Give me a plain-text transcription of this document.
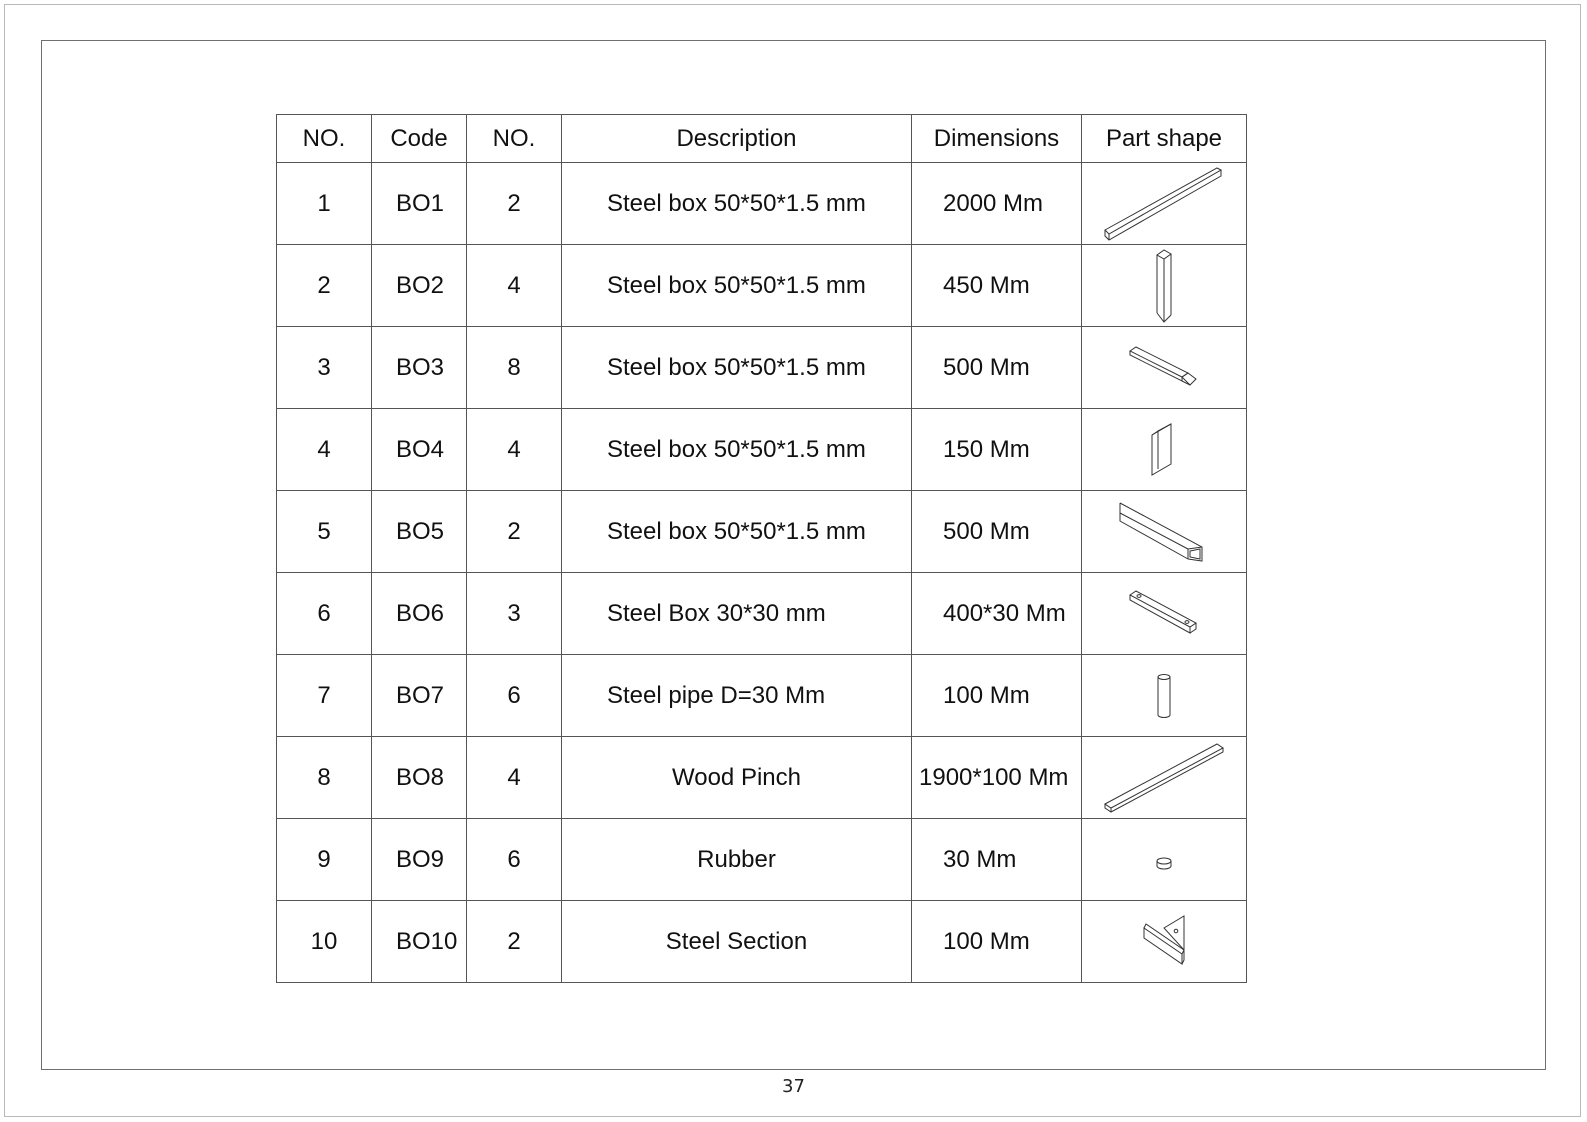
NO.	Code	NO.	Description	Dimensions	Part shape
1	BO1	2	Steel box 50*50*1.5 mm	2000 Mm	

2	BO2	4	Steel box 50*50*1.5 mm	450 Mm	

3	BO3	8	Steel box 50*50*1.5 mm	500 Mm	

4	BO4	4	Steel box 50*50*1.5 mm	150 Mm	

5	BO5	2	Steel box 50*50*1.5 mm	500 Mm	

6	BO6	3	Steel Box 30*30 mm	400*30 Mm	

7	BO7	6	Steel pipe D=30 Mm	100 Mm	

8	BO8	4	Wood Pinch	1900*100 Mm	

9	BO9	6	Rubber	30 Mm	

10	BO10	2	Steel Section	100 Mm	
37
